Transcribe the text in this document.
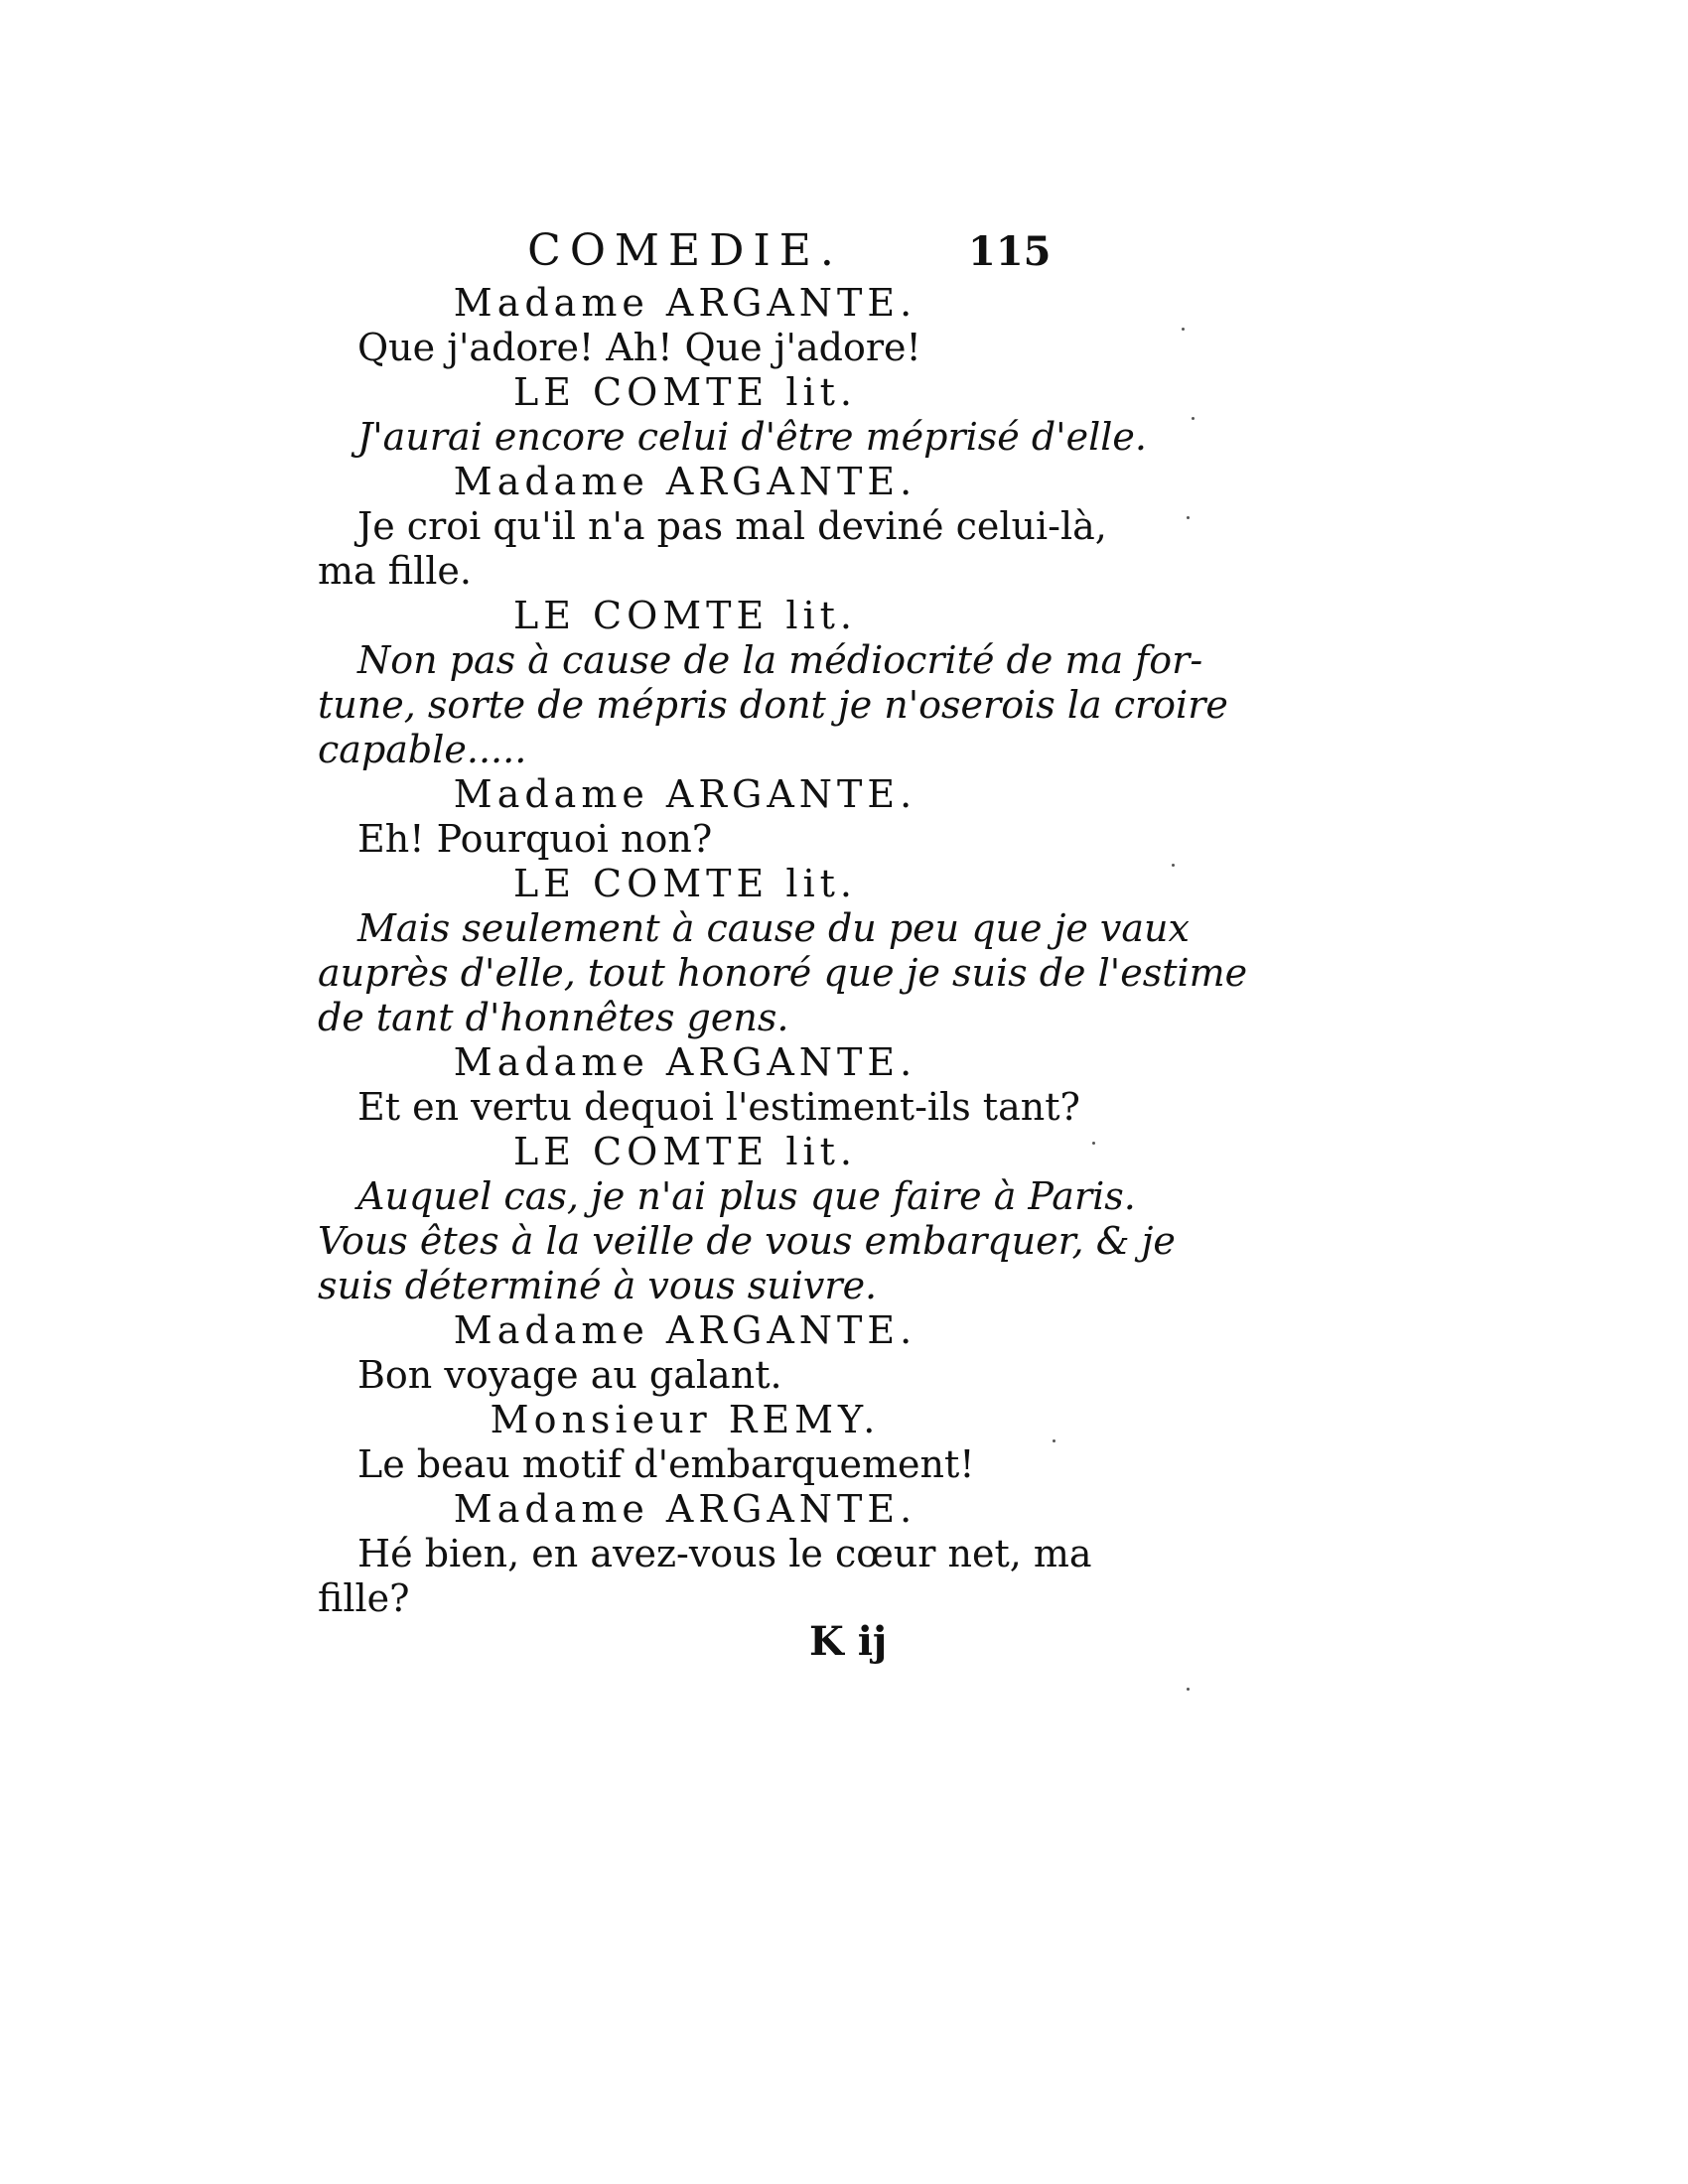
COMEDIE.	115
Madame ARGANTE.
Que j'adore! Ah! Que j'adore!
LE COMTE lit.
J'aurai encore celui d'être méprisé d'elle.
Madame ARGANTE.
Je croi qu'il n'a pas mal deviné celui-là,
ma fille.
LE COMTE lit.
Non pas à cause de la médiocrité de ma for-
tune, sorte de mépris dont je n'oserois la croire
capable.....
Madame ARGANTE.
Eh! Pourquoi non?
LE COMTE lit.
Mais seulement à cause du peu que je vaux
auprès d'elle, tout honoré que je suis de l'estime
de tant d'honnêtes gens.
Madame ARGANTE.
Et en vertu dequoi l'estiment-ils tant?
LE COMTE lit.
Auquel cas, je n'ai plus que faire à Paris.
Vous êtes à la veille de vous embarquer, & je
suis déterminé à vous suivre.
Madame ARGANTE.
Bon voyage au galant.
Monsieur REMY.
Le beau motif d'embarquement!
Madame ARGANTE.
Hé bien, en avez-vous le cœur net, ma
fille?
K ij
